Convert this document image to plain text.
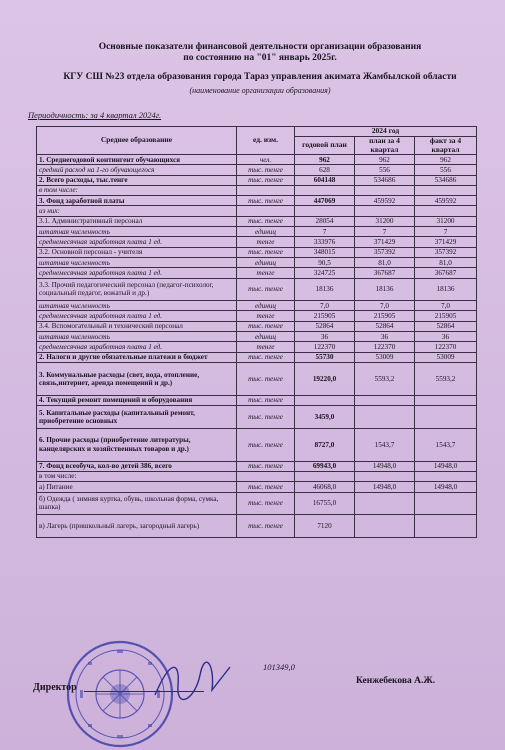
Основные показатели финансовой деятельности организации образования
по состоянию на "01" январь 2025г.
КГУ СШ №23 отдела образования города Тараз управления акимата Жамбылской области
(наименование организации образования)
Периодичность: за 4 квартал 2024г.
Среднее образование	ед. изм.	2024 год		
		годовой план	план за 4 квартал	факт за 4 квартал
1. Среднегодовой контингент обучающихся	чел.	962	962	962
средний расход на 1-го обучающегося	тыс. тенге	628	556	556
2. Всего расходы, тыс.тенге	тыс. тенге	604148	534686	534686
в том числе:				
3. Фонд заработной платы	тыс. тенге	447069	459592	459592
из них:				
3.1. Административный персонал	тыс. тенге	28054	31200	31200
штатная численность	единиц	7	7	7
среднемесячная заработная плата 1 ед.	тенге	333976	371429	371429
3.2. Основной персонал - учителя	тыс. тенге	348015	357392	357392
штатная численность	единиц	90,5	81,0	81,0
среднемесячная заработная плата 1 ед.	тенге	324725	367687	367687
3.3. Прочий педагогический персонал (педагог-психолог, социальный педагог, вожатый и др.)	тыс. тенге	18136	18136	18136
штатная численность	единиц	7,0	7,0	7,0
среднемесячная заработная плата 1 ед.	тенге	215905	215905	215905
3.4. Вспомогательный и технический персонал	тыс. тенге	52864	52864	52864
штатная численность	единиц	36	36	36
среднемесячная заработная плата 1 ед.	тенге	122370	122370	122370
2. Налоги и другие обязательные платежи в бюджет	тыс. тенге	55730	53009	53009
3. Коммунальные расходы (свет, вода, отопление, связь,интернет, аренда помещений и др.)	тыс. тенге	19220,0	5593,2	5593,2
4. Текущий ремонт помещений и оборудования	тыс. тенге			
5. Капитальные расходы (капитальный ремонт, приобретение основных	тыс. тенге	3459,0		
6. Прочие расходы (приобретение литературы, канцелярских и хозяйственных товаров и др.)	тыс. тенге	8727,0	1543,7	1543,7
7. Фонд всеобуча, кол-во детей 386, всего	тыс. тенге	69943,0	14948,0	14948,0
в том числе:				
а) Питание	тыс. тенге	46068,0	14948,0	14948,0
б) Одежда ( зимняя куртка, обувь, школьная форма, сумка, шапка)	тыс. тенге	16755,0		
в) Лагерь (пришкольный лагерь, загородный лагерь)	тыс. тенге	7120		
101349,0
Директор
Кенжебекова А.Ж.
